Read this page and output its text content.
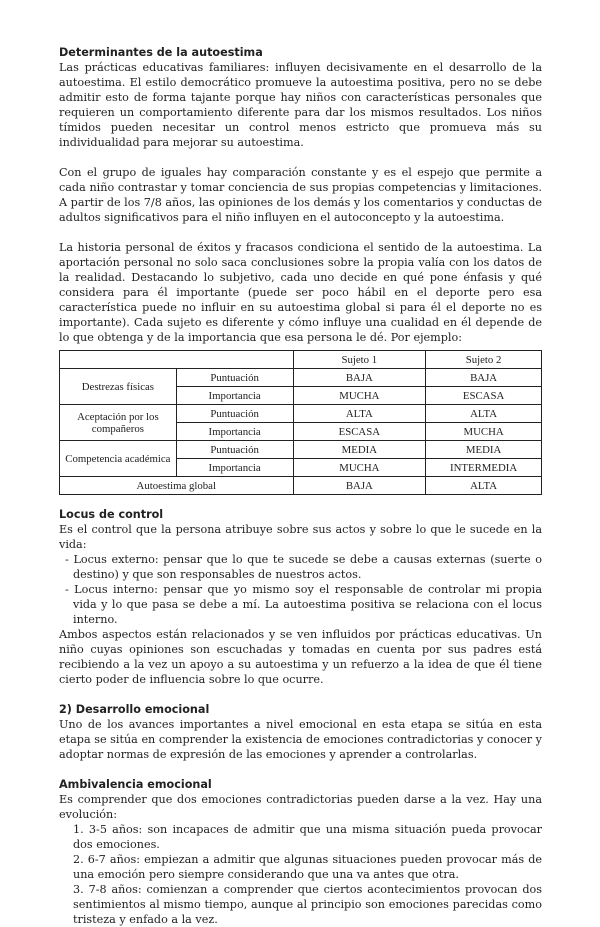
Determinantes de la autoestima

Las prácticas educativas familiares: influyen decisivamente en el desarrollo de la autoestima. El estilo democrático promueve la autoestima positiva, pero no se debe admitir esto de forma tajante porque hay niños con características personales que requieren un comportamiento diferente para dar los mismos resultados. Los niños tímidos pueden necesitar un control menos estricto que promueva más su individualidad para mejorar su autoestima.

Con el grupo de iguales hay comparación constante y es el espejo que permite a cada niño contrastar y tomar conciencia de sus propias competencias y limitaciones. A partir de los 7/8 años, las opiniones de los demás y los comentarios y conductas de adultos significativos para el niño influyen en el autoconcepto y la autoestima.

La historia personal de éxitos y fracasos condiciona el sentido de la autoestima. La aportación personal no solo saca conclusiones sobre la propia valía con los datos de la realidad. Destacando lo subjetivo, cada uno decide en qué pone énfasis y qué considera para él importante (puede ser poco hábil en el deporte pero esa característica puede no influir en su autoestima global si para él el deporte no es importante). Cada sujeto es diferente y cómo influye una cualidad en él depende de lo que obtenga y de la importancia que esa persona le dé. Por ejemplo:

		Sujeto 1	Sujeto 2
Destrezas físicas	Puntuación	BAJA	BAJA
	Importancia	MUCHA	ESCASA
Aceptación por los compañeros	Puntuación	ALTA	ALTA
	Importancia	ESCASA	MUCHA
Competencia académica	Puntuación	MEDIA	MEDIA
	Importancia	MUCHA	INTERMEDIA
Autoestima global		BAJA	ALTA
Locus de control

Es el control que la persona atribuye sobre sus actos y sobre lo que le sucede en la vida:

- Locus externo: pensar que lo que te sucede se debe a causas externas (suerte o destino) y que son responsables de nuestros actos.

- Locus interno: pensar que yo mismo soy el responsable de controlar mi propia vida y lo que pasa se debe a mí. La autoestima positiva se relaciona con el locus interno.

Ambos aspectos están relacionados y se ven influidos por prácticas educativas. Un niño cuyas opiniones son escuchadas y tomadas en cuenta por sus padres está recibiendo a la vez un apoyo a su autoestima y un refuerzo a la idea de que él tiene cierto poder de influencia sobre lo que ocurre.

2) Desarrollo emocional

Uno de los avances importantes a nivel emocional en esta etapa se sitúa en esta etapa se sitúa en comprender la existencia de emociones contradictorias y conocer y adoptar normas de expresión de las emociones y aprender a controlarlas.

Ambivalencia emocional

Es comprender que dos emociones contradictorias pueden darse a la vez. Hay una evolución:

1. 3-5 años: son incapaces de admitir que una misma situación pueda provocar dos emociones.

2. 6-7 años: empiezan a admitir que algunas situaciones pueden provocar más de una emoción pero siempre considerando que una va antes que otra.

3. 7-8 años: comienzan a comprender que ciertos acontecimientos provocan dos sentimientos al mismo tiempo, aunque al principio son emociones parecidas como tristeza y enfado a la vez.
